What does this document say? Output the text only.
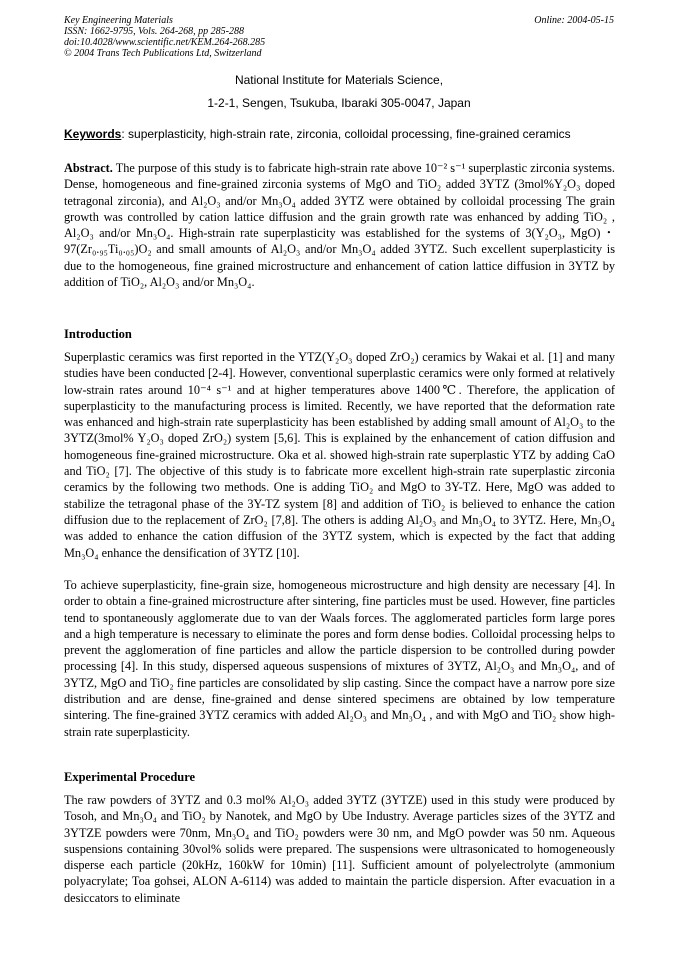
Key Engineering Materials
ISSN: 1662-9795, Vols. 264-268, pp 285-288
doi:10.4028/www.scientific.net/KEM.264-268.285
© 2004 Trans Tech Publications Ltd, Switzerland
Online: 2004-05-15
National Institute for Materials Science,
1-2-1, Sengen, Tsukuba, Ibaraki 305-0047, Japan
Keywords: superplasticity, high-strain rate, zirconia, colloidal processing, fine-grained ceramics

Abstract. The purpose of this study is to fabricate high-strain rate above 10⁻² s⁻¹ superplastic zirconia systems. Dense, homogeneous and fine-grained zirconia systems of MgO and TiO₂ added 3YTZ (3mol%Y₂O₃ doped tetragonal zirconia), and Al₂O₃ and/or Mn₃O₄ added 3YTZ were obtained by colloidal processing The grain growth was controlled by cation lattice diffusion and the grain growth rate was enhanced by adding TiO₂ , Al₂O₃ and/or Mn₃O₄. High-strain rate superplasticity was established for the systems of 3(Y₂O₃, MgO)・97(Zr₀.₉₅Ti₀.₀₅)O₂ and small amounts of Al₂O₃ and/or Mn₃O₄ added 3YTZ. Such excellent superplasticity is due to the homogeneous, fine grained microstructure and enhancement of cation lattice diffusion in 3YTZ by addition of TiO₂, Al₂O₃ and/or Mn₃O₄.

Introduction

Superplastic ceramics was first reported in the YTZ(Y₂O₃ doped ZrO₂) ceramics by Wakai et al. [1] and many studies have been conducted [2-4]. However, conventional superplastic ceramics were only formed at relatively low-strain rates around 10⁻⁴ s⁻¹ and at higher temperatures above 1400℃. Therefore, the application of superplasticity to the manufacturing process is limited. Recently, we have reported that the deformation rate was enhanced and high-strain rate superplasticity has been established by adding small amount of Al₂O₃ to the 3YTZ(3mol% Y₂O₃ doped ZrO₂) system [5,6]. This is explained by the enhancement of cation diffusion and homogeneous fine-grained microstructure. Oka et al. showed high-strain rate superplastic YTZ by adding CaO and TiO₂ [7]. The objective of this study is to fabricate more excellent high-strain rate superplastic zirconia ceramics by the following two methods. One is adding TiO₂ and MgO to 3Y-TZ. Here, MgO was added to stabilize the tetragonal phase of the 3Y-TZ system [8] and addition of TiO₂ is believed to enhance the cation diffusion due to the replacement of ZrO₂ [7,8]. The others is adding Al₂O₃ and Mn₃O₄ to 3YTZ. Here, Mn₃O₄ was added to enhance the cation diffusion of the 3YTZ system, which is expected by the fact that adding Mn₃O₄ enhance the densification of 3YTZ [10].

To achieve superplasticity, fine-grain size, homogeneous microstructure and high density are necessary [4]. In order to obtain a fine-grained microstructure after sintering, fine particles must be used. However, fine particles tend to spontaneously agglomerate due to van der Waals forces. The agglomerated particles form large pores and a high temperature is necessary to eliminate the pores and form dense bodies. Colloidal processing helps to prevent the agglomeration of fine particles and allow the particle dispersion to be controlled during powder processing [4]. In this study, dispersed aqueous suspensions of mixtures of 3YTZ, Al₂O₃ and Mn₃O₄, and of 3YTZ, MgO and TiO₂ fine particles are consolidated by slip casting. Since the compact have a narrow pore size distribution and are dense, fine-grained and dense sintered specimens are obtained by low temperature sintering. The fine-grained 3YTZ ceramics with added Al₂O₃ and Mn₃O₄ , and with MgO and TiO₂ show high-strain rate superplasticity.

Experimental Procedure

The raw powders of 3YTZ and 0.3 mol% Al₂O₃ added 3YTZ (3YTZE) used in this study were produced by Tosoh, and Mn₃O₄ and TiO₂ by Nanotek, and MgO by Ube Industry. Average particles sizes of the 3YTZ and 3YTZE powders were 70nm, Mn₃O₄ and TiO₂ powders were 30 nm, and MgO powder was 50 nm. Aqueous suspensions containing 30vol% solids were prepared. The suspensions were ultrasonicated to homogeneously disperse each particle (20kHz, 160kW for 10min) [11]. Sufficient amount of polyelectrolyte (ammonium polyacrylate; Toa gohsei, ALON A-6114) was added to maintain the particle dispersion. After evacuation in a desiccators to eliminate
